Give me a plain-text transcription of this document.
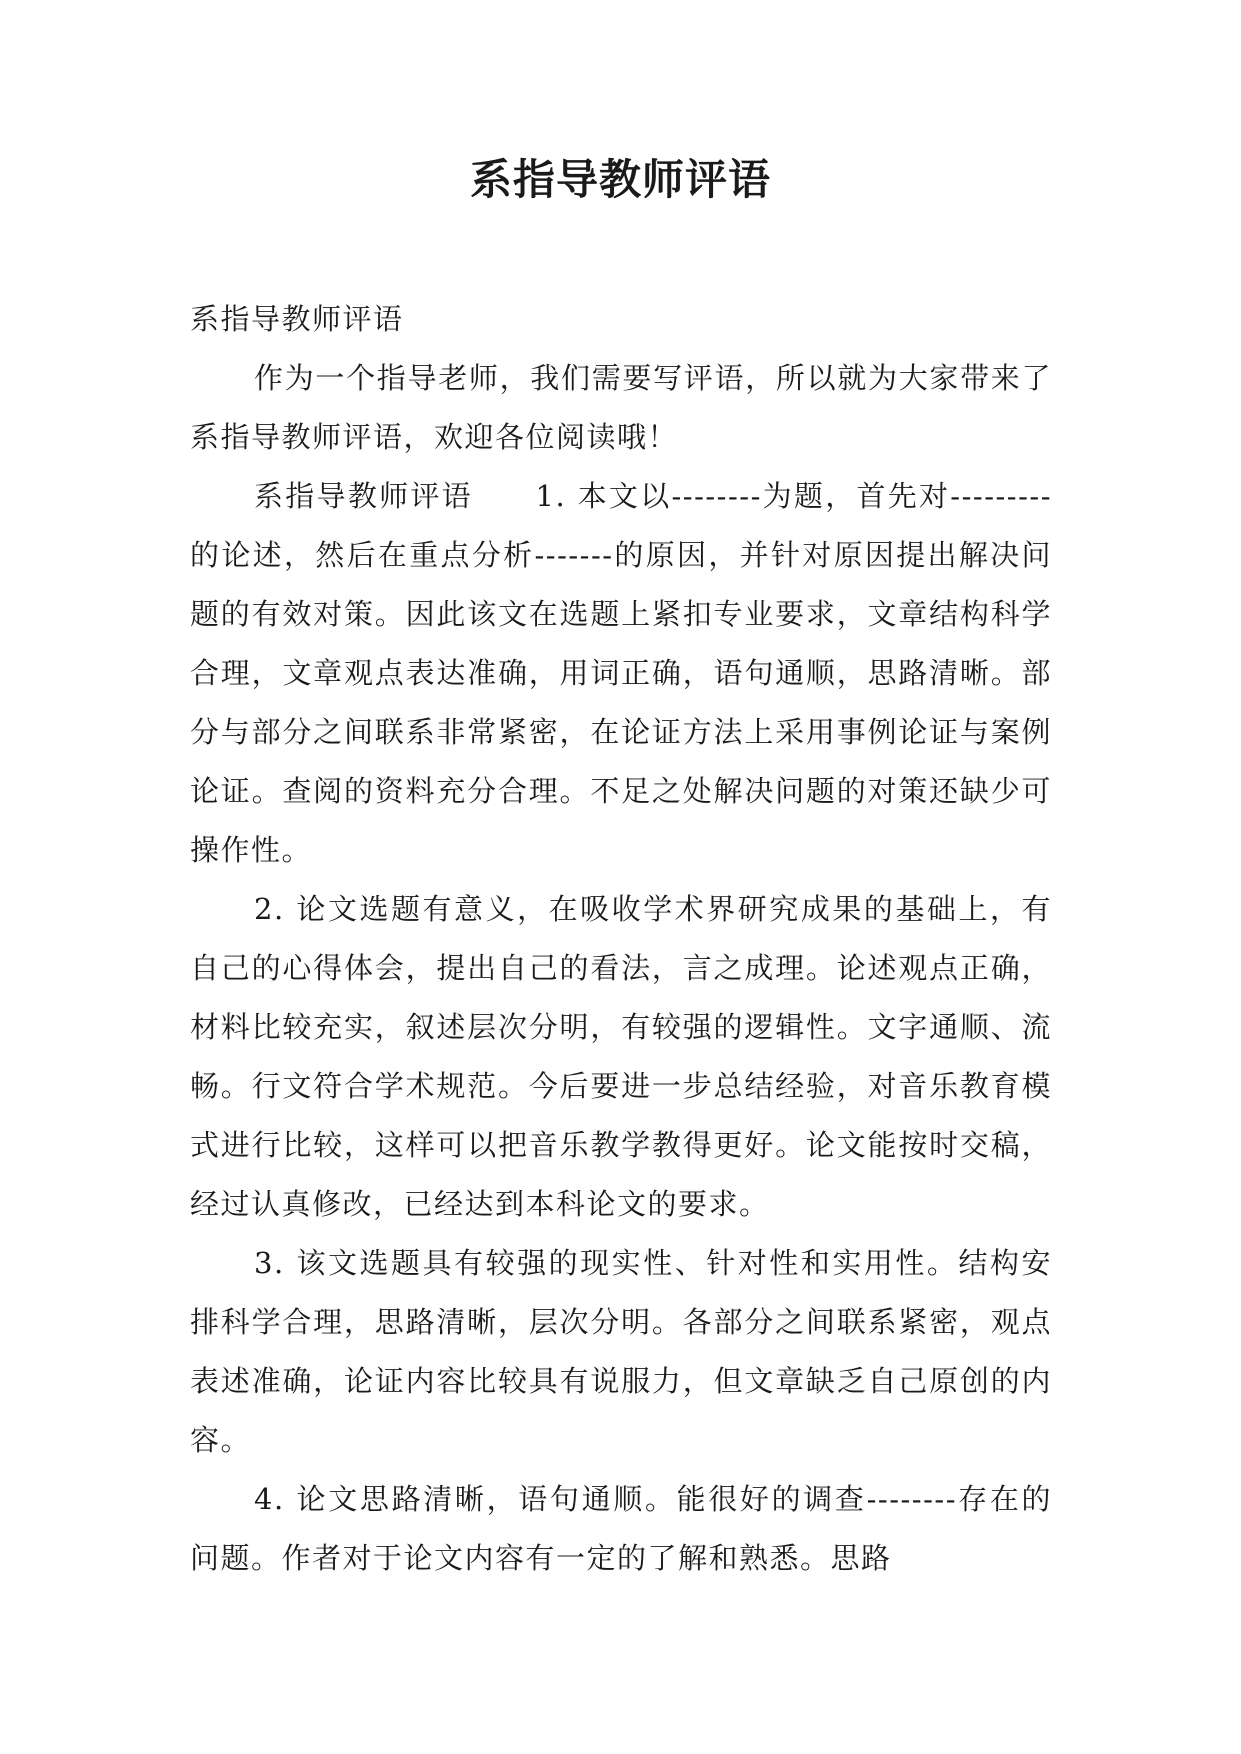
系指导教师评语

系指导教师评语

作为一个指导老师，我们需要写评语，所以就为大家带来了系指导教师评语，欢迎各位阅读哦！

系指导教师评语　　1. 本文以--------为题，首先对---------的论述，然后在重点分析-------的原因，并针对原因提出解决问题的有效对策。因此该文在选题上紧扣专业要求，文章结构科学合理，文章观点表达准确，用词正确，语句通顺，思路清晰。部分与部分之间联系非常紧密，在论证方法上采用事例论证与案例论证。查阅的资料充分合理。不足之处解决问题的对策还缺少可操作性。

2. 论文选题有意义，在吸收学术界研究成果的基础上，有自己的心得体会，提出自己的看法，言之成理。论述观点正确，材料比较充实，叙述层次分明，有较强的逻辑性。文字通顺、流畅。行文符合学术规范。今后要进一步总结经验，对音乐教育模式进行比较，这样可以把音乐教学教得更好。论文能按时交稿，经过认真修改，已经达到本科论文的要求。

3. 该文选题具有较强的现实性、针对性和实用性。结构安排科学合理，思路清晰，层次分明。各部分之间联系紧密，观点表述准确，论证内容比较具有说服力，但文章缺乏自己原创的内容。

4. 论文思路清晰，语句通顺。能很好的调查--------存在的问题。作者对于论文内容有一定的了解和熟悉。思路
